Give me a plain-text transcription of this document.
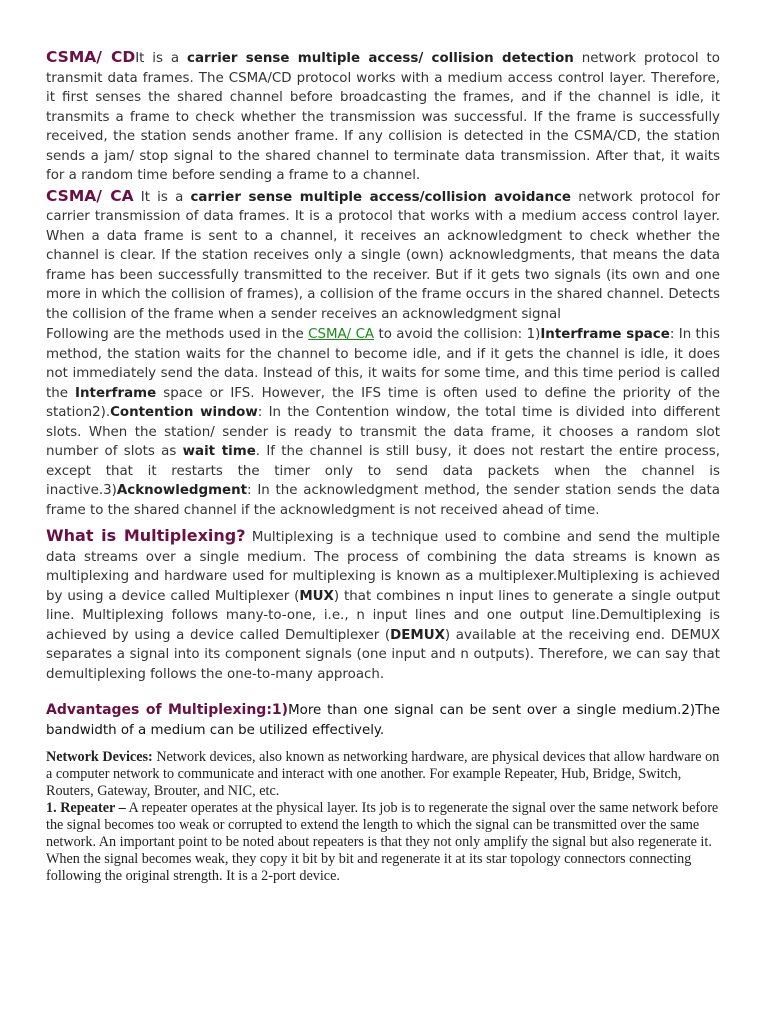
CSMA/ CDIt is a carrier sense multiple access/ collision detection network protocol to transmit data frames. The CSMA/CD protocol works with a medium access control layer. Therefore, it first senses the shared channel before broadcasting the frames, and if the channel is idle, it transmits a frame to check whether the transmission was successful. If the frame is successfully received, the station sends another frame. If any collision is detected in the CSMA/CD, the station sends a jam/ stop signal to the shared channel to terminate data transmission. After that, it waits for a random time before sending a frame to a channel.

CSMA/ CA It is a carrier sense multiple access/collision avoidance network protocol for carrier transmission of data frames. It is a protocol that works with a medium access control layer. When a data frame is sent to a channel, it receives an acknowledgment to check whether the channel is clear. If the station receives only a single (own) acknowledgments, that means the data frame has been successfully transmitted to the receiver. But if it gets two signals (its own and one more in which the collision of frames), a collision of the frame occurs in the shared channel. Detects the collision of the frame when a sender receives an acknowledgment signal

Following are the methods used in the CSMA/ CA to avoid the collision: 1)Interframe space: In this method, the station waits for the channel to become idle, and if it gets the channel is idle, it does not immediately send the data. Instead of this, it waits for some time, and this time period is called the Interframe space or IFS. However, the IFS time is often used to define the priority of the station2).Contention window: In the Contention window, the total time is divided into different slots. When the station/ sender is ready to transmit the data frame, it chooses a random slot number of slots as wait time. If the channel is still busy, it does not restart the entire process, except that it restarts the timer only to send data packets when the channel is inactive.3)Acknowledgment: In the acknowledgment method, the sender station sends the data frame to the shared channel if the acknowledgment is not received ahead of time.

What is Multiplexing? Multiplexing is a technique used to combine and send the multiple data streams over a single medium. The process of combining the data streams is known as multiplexing and hardware used for multiplexing is known as a multiplexer.Multiplexing is achieved by using a device called Multiplexer (MUX) that combines n input lines to generate a single output line. Multiplexing follows many-to-one, i.e., n input lines and one output line.Demultiplexing is achieved by using a device called Demultiplexer (DEMUX) available at the receiving end. DEMUX separates a signal into its component signals (one input and n outputs). Therefore, we can say that demultiplexing follows the one-to-many approach.

Advantages of Multiplexing:1)More than one signal can be sent over a single medium.2)The bandwidth of a medium can be utilized effectively.

Network Devices: Network devices, also known as networking hardware, are physical devices that allow hardware on a computer network to communicate and interact with one another. For example Repeater, Hub, Bridge, Switch, Routers, Gateway, Brouter, and NIC, etc.
1. Repeater – A repeater operates at the physical layer. Its job is to regenerate the signal over the same network before the signal becomes too weak or corrupted to extend the length to which the signal can be transmitted over the same network. An important point to be noted about repeaters is that they not only amplify the signal but also regenerate it. When the signal becomes weak, they copy it bit by bit and regenerate it at its star topology connectors connecting following the original strength. It is a 2-port device.
